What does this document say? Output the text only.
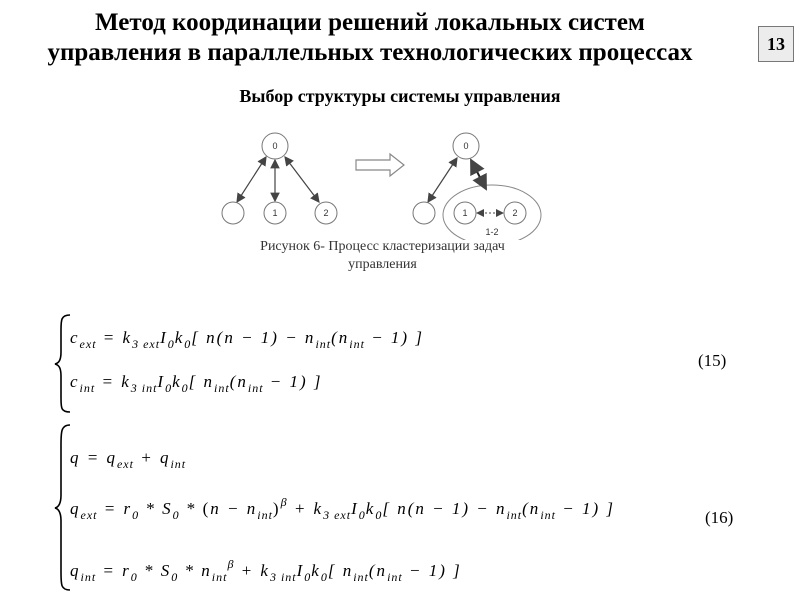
Метод координации решений локальных систем
управления в параллельных технологических процессах	13
Выбор структуры системы управления
0
1	2
0
1	2
1-2
Рисунок 6- Процесс кластеризации задач
управления
$c_{ext} = k_{3 ext}I_0k_0$[ $n(n - 1) - n_{int}(n_{int} - 1)$ ]
$c_{int} = k_{3 int}I_0k_0$[ $n_{int}(n_{int} - 1)$ ]
(15)
$q = q_{ext} + q_{int}$
$q_{ext} = r_0 * S_0 * (n - n_{int})^\beta + k_{3 ext}I_0k_0$[ $n(n - 1) - n_{int}(n_{int} - 1)$ ]
$q_{int} = r_0 * S_0 * n_{int}^\beta + k_{3 int}I_0k_0$[ $n_{int}(n_{int} - 1)$ ]
(16)
